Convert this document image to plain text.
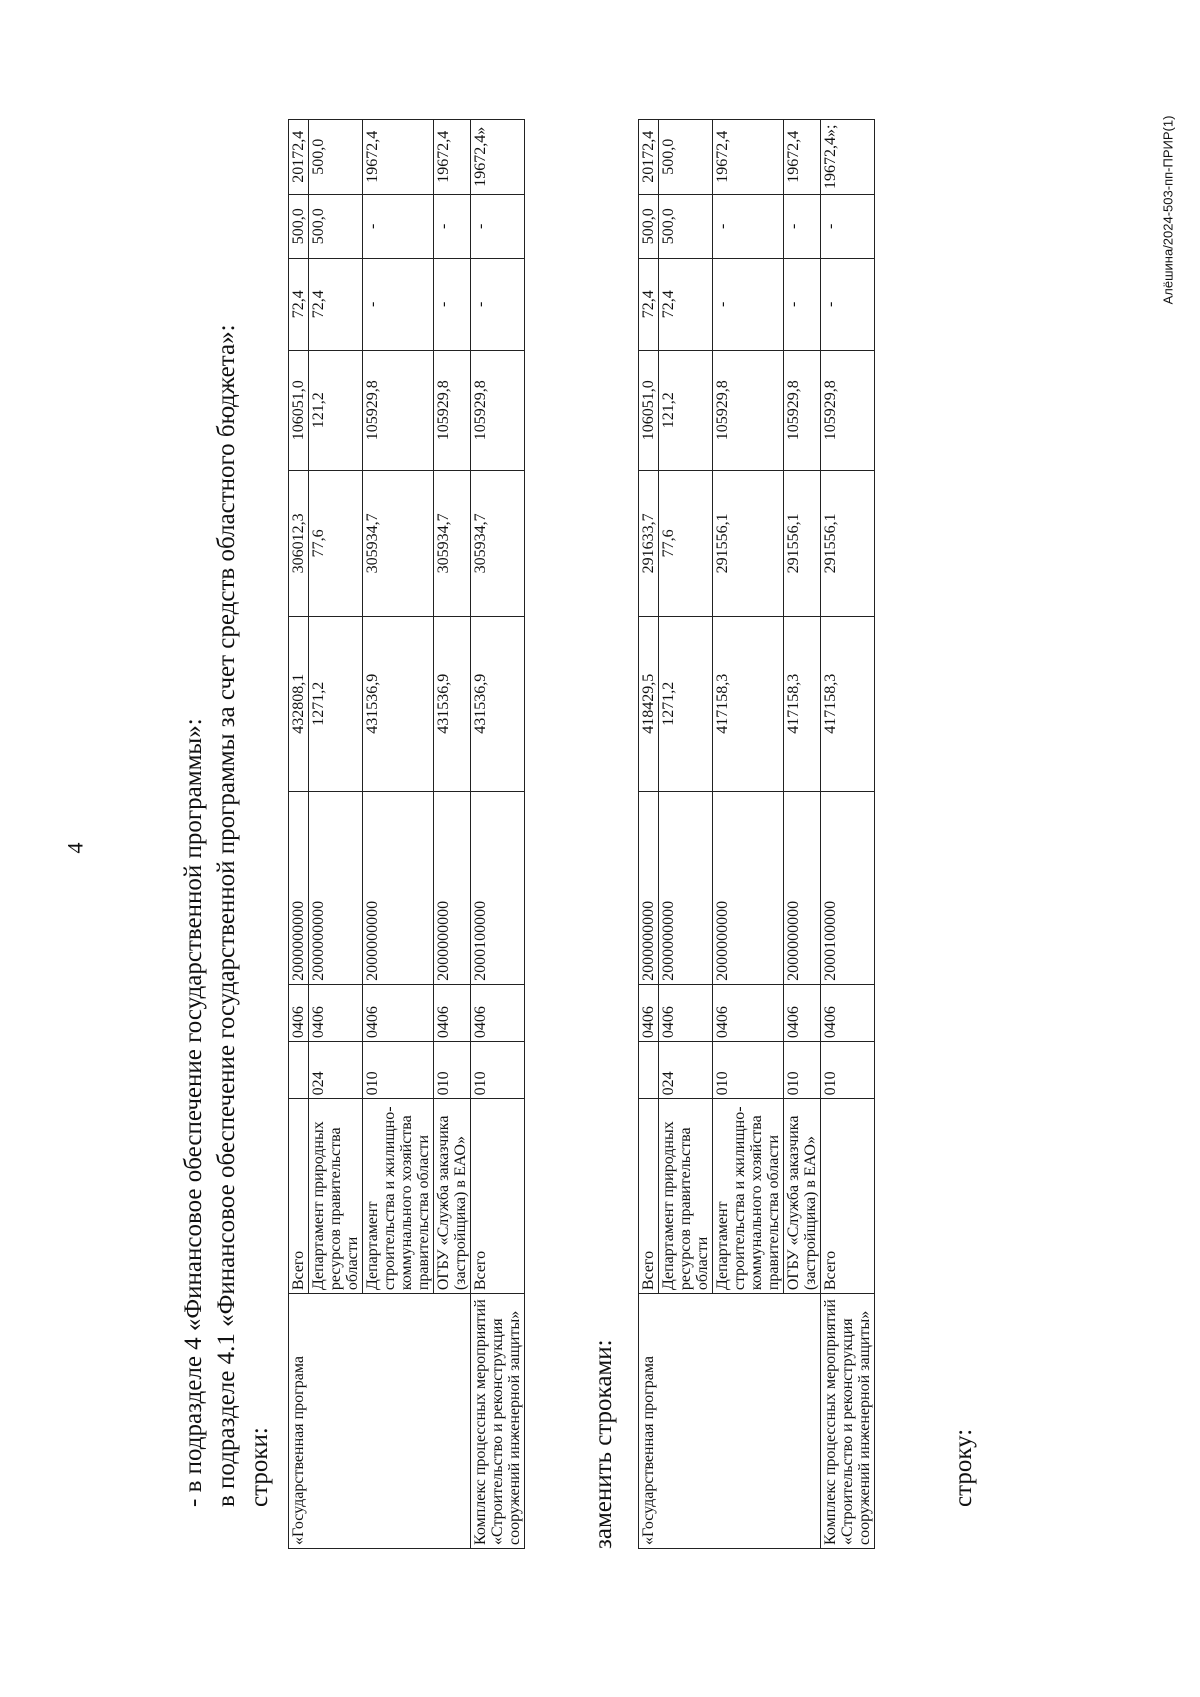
4
Алёшина/2024-503-пп-ПРИР(1)
- в подразделе 4 «Финансовое обеспечение государственной программы»: в подразделе 4.1 «Финансовое обеспечение государственной программы за счет средств областного бюджета»: строки: «Государственная програма	Всего		0406	2000000000	432808,1	306012,3	106051,0	72,4	500,0	20172,4
	Департамент природных ресурсов правительства области	024	0406	2000000000	1271,2	77,6	121,2	72,4	500,0	500,0
	Департамент строительства и жилищно-коммунального хозяйства правительства области	010	0406	2000000000	431536,9	305934,7	105929,8	-	-	19672,4
	ОГБУ «Служба заказчика (застройщика) в ЕАО»	010	0406	2000000000	431536,9	305934,7	105929,8	-	-	19672,4
Комплекс процессных мероприятий «Строительство и реконструкция сооружений инженерной защиты»	Всего	010	0406	2000100000	431536,9	305934,7	105929,8	-	-	19672,4»
заменить строками: «Государственная програма	Всего		0406	2000000000	418429,5	291633,7	106051,0	72,4	500,0	20172,4
	Департамент природных ресурсов правительства области	024	0406	2000000000	1271,2	77,6	121,2	72,4	500,0	500,0
	Департамент строительства и жилищно-коммунального хозяйства правительства области	010	0406	2000000000	417158,3	291556,1	105929,8	-	-	19672,4
	ОГБУ «Служба заказчика (застройщика) в ЕАО»	010	0406	2000000000	417158,3	291556,1	105929,8	-	-	19672,4
Комплекс процессных мероприятий «Строительство и реконструкция сооружений инженерной защиты»	Всего	010	0406	2000100000	417158,3	291556,1	105929,8	-	-	19672,4»;
строку:
